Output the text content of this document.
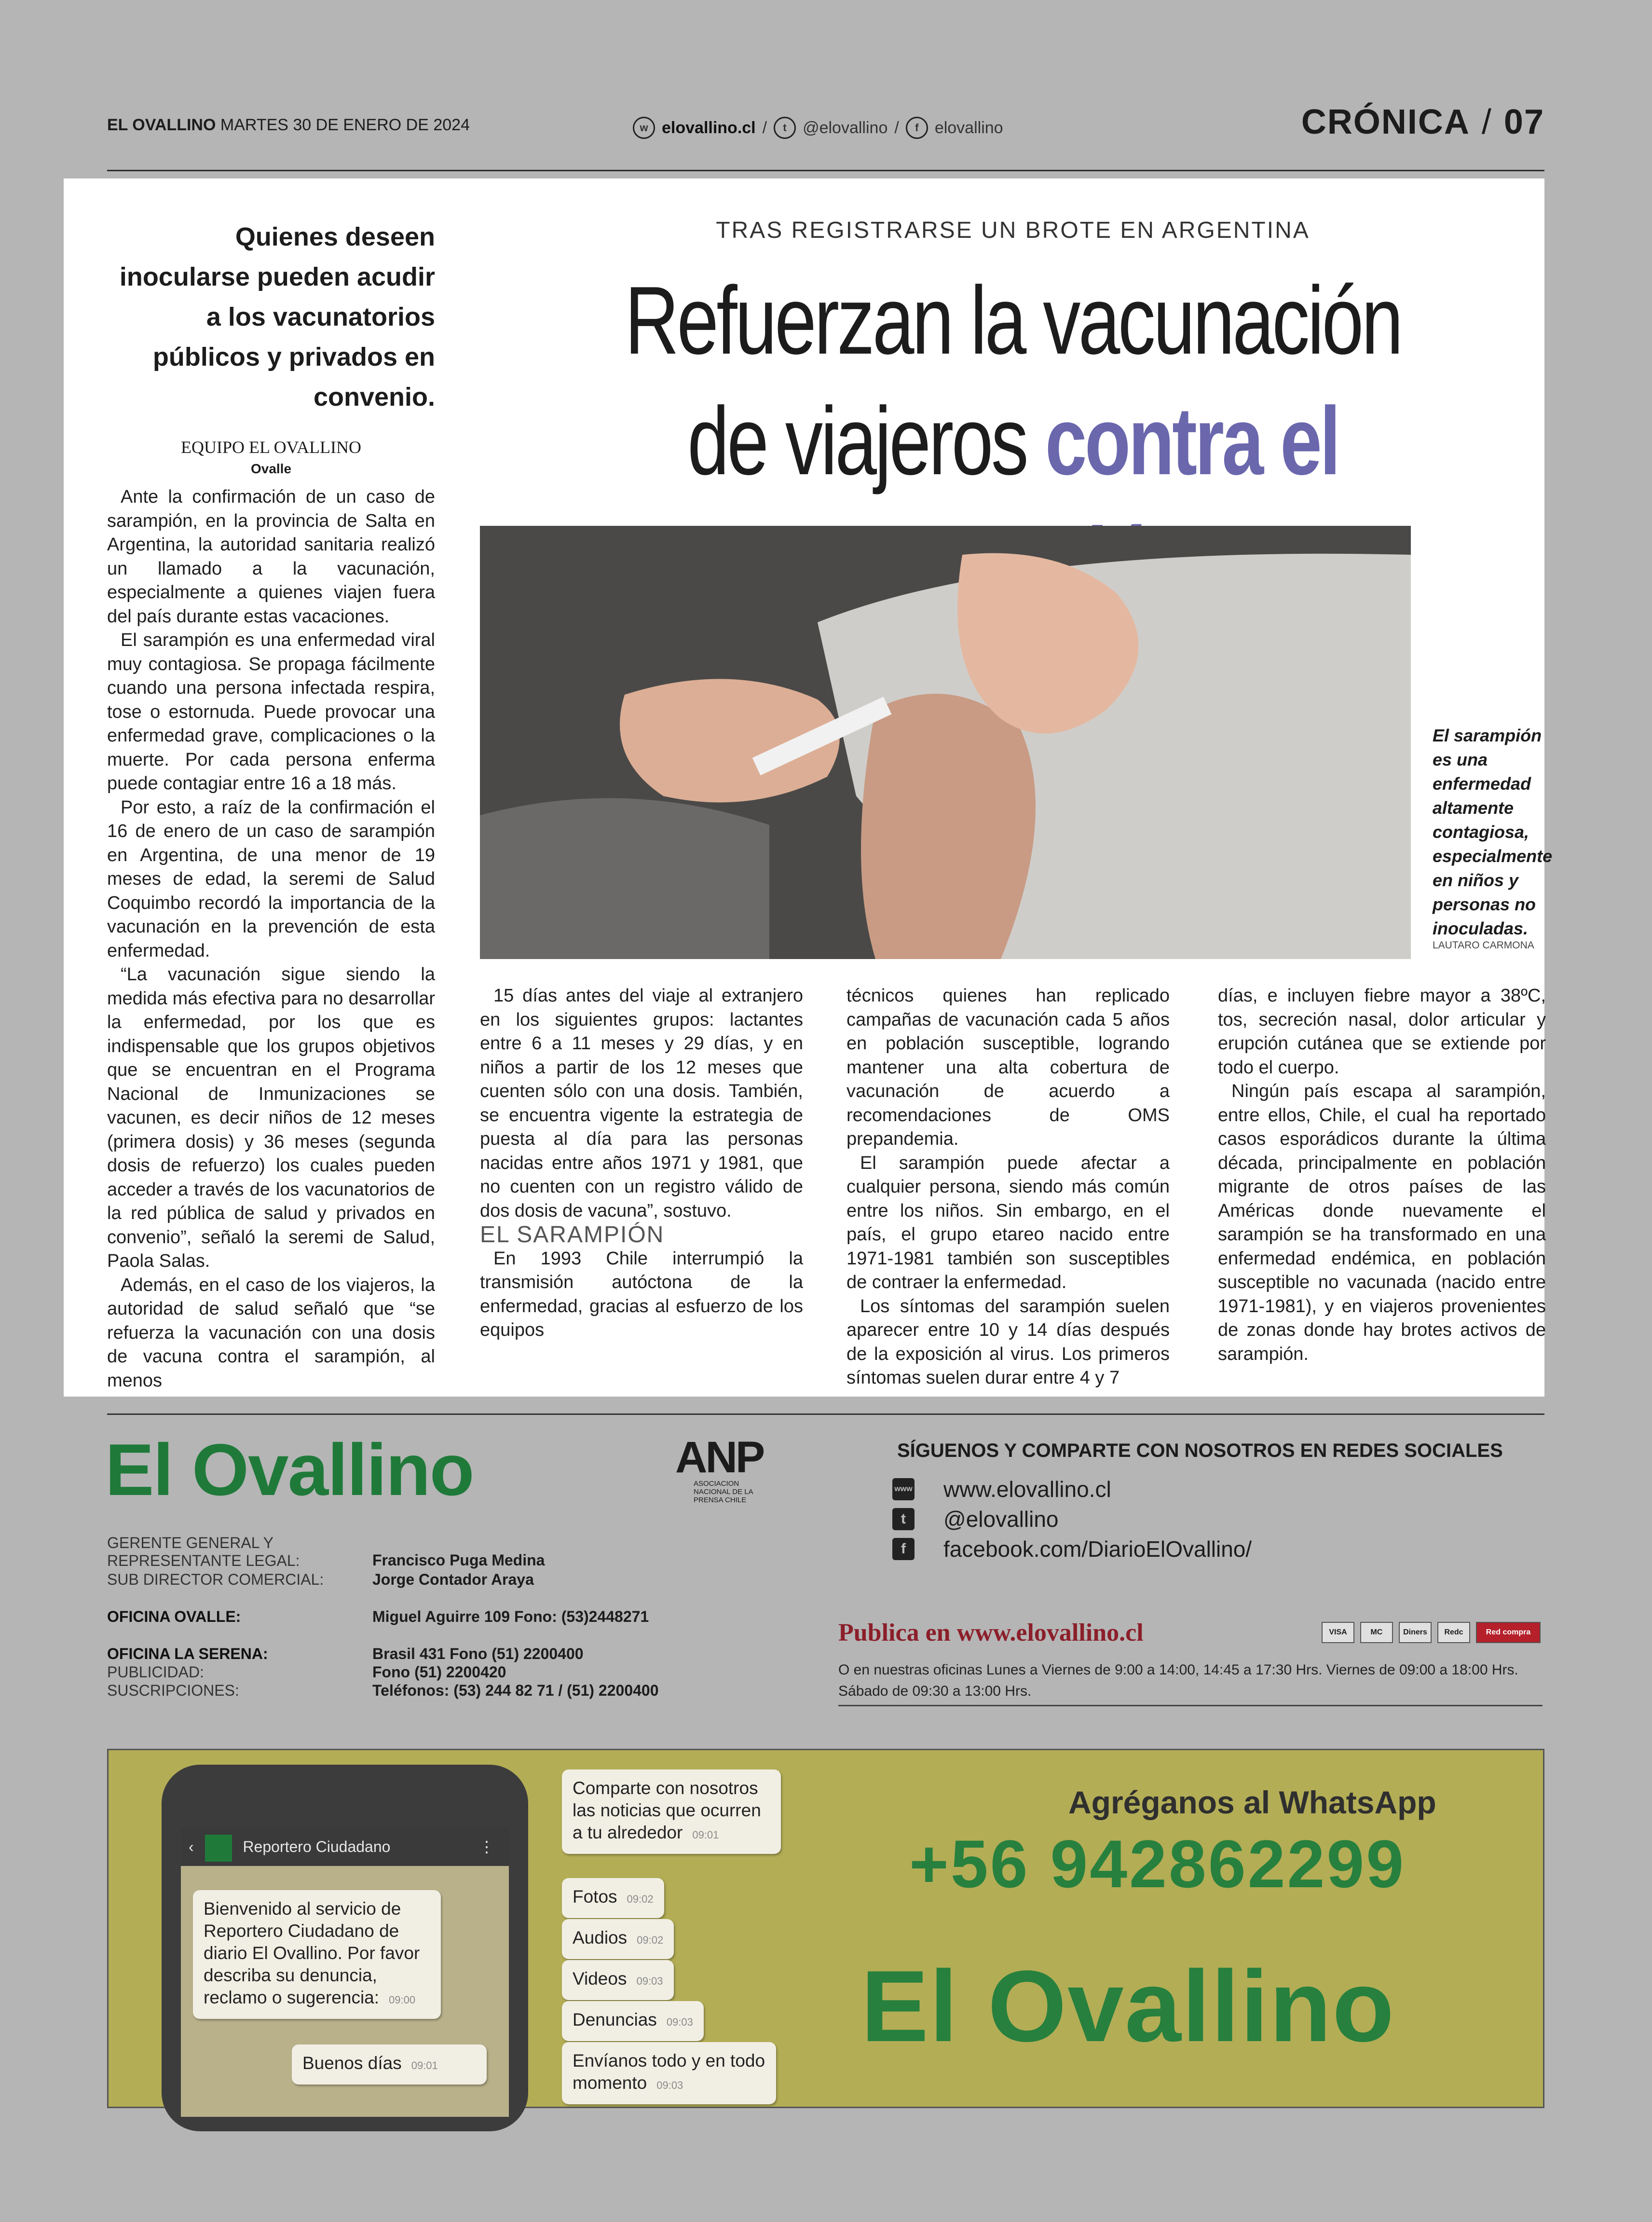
EL OVALLINO MARTES 30 DE ENERO DE 2024	w elovallino.cl /	t @elovallino /	f elovallino	CRÓNICA / 07
Quienes deseen inocularse pueden acudir a los vacunatorios públicos y privados en convenio.
TRAS REGISTRARSE UN BROTE EN ARGENTINA
Refuerzan la vacunación de viajeros contra el
EQUIPO EL OVALLINO
Ovalle

Ante la confirmación de un caso de sarampión, en la provincia de Salta en Argentina, la autoridad sanitaria realizó un llamado a la vacunación, especialmente a quienes viajen fuera del país durante estas vacaciones.

El sarampión es una enfermedad viral muy contagiosa. Se propaga fácilmente cuando una persona infectada respira, tose o estornuda. Puede provocar una enfermedad grave, complicaciones o la muerte. Por cada persona enferma puede contagiar entre 16 a 18 más.

Por esto, a raíz de la confirmación el 16 de enero de un caso de sarampión en Argentina, de una menor de 19 meses de edad, la seremi de Salud Coquimbo recordó la importancia de la vacunación en la prevención de esta enfermedad.

“La vacunación sigue siendo la medida más efectiva para no desarrollar la enfermedad, por los que es indispensable que los grupos objetivos que se encuentran en el Programa Nacional de Inmunizaciones se vacunen, es decir niños de 12 meses (primera dosis) y 36 meses (segunda dosis de refuerzo) los cuales pueden acceder a través de los vacunatorios de la red pública de salud y privados en convenio”, señaló la seremi de Salud, Paola Salas.

Además, en el caso de los viajeros, la autoridad de salud señaló que “se refuerza la vacunación con una dosis de vacuna contra el sarampión, al menos

El sarampión es una enfermedad altamente contagiosa, especialmente en niños y personas no inoculadas.
LAUTARO CARMONA

15 días antes del viaje al extranjero en los siguientes grupos: lactantes entre 6 a 11 meses y 29 días, y en niños a partir de los 12 meses que cuenten sólo con una dosis. También, se encuentra vigente la estrategia de puesta al día para las personas nacidas entre años 1971 y 1981, que no cuenten con un registro válido de dos dosis de vacuna”, sostuvo.

EL SARAMPIÓN

En 1993 Chile interrumpió la transmisión autóctona de la enfermedad, gracias al esfuerzo de los equipos

técnicos quienes han replicado campañas de vacunación cada 5 años en población susceptible, logrando mantener una alta cobertura de vacunación de acuerdo a recomendaciones de OMS prepandemia.

El sarampión puede afectar a cualquier persona, siendo más común entre los niños. Sin embargo, en el país, el grupo etareo nacido entre 1971-1981 también son susceptibles de contraer la enfermedad.

Los síntomas del sarampión suelen aparecer entre 10 y 14 días después de la exposición al virus. Los primeros síntomas suelen durar entre 4 y 7

días, e incluyen fiebre mayor a 38ºC, tos, secreción nasal, dolor articular y erupción cutánea que se extiende por todo el cuerpo.

Ningún país escapa al sarampión, entre ellos, Chile, el cual ha reportado casos esporádicos durante la última década, principalmente en población migrante de otros países de las Américas donde nuevamente el sarampión se ha transformado en una enfermedad endémica, en población susceptible no vacunada (nacido entre 1971-1981), y en viajeros provenientes de zonas donde hay brotes activos de sarampión.

El Ovallino	ANP
ASOCIACION NACIONAL DE LA PRENSA CHILE
SÍGUENOS Y COMPARTE CON NOSOTROS EN REDES SOCIALES
www www.elovallino.cl
t	@elovallino
f	facebook.com/DiarioElOvallino/
GERENTE GENERAL Y
REPRESENTANTE LEGAL:	Francisco Puga Medina
SUB DIRECTOR COMERCIAL:	Jorge Contador Araya
OFICINA OVALLE:	Miguel Aguirre 109 Fono: (53)2448271
OFICINA LA SERENA:	Brasil 431 Fono (51) 2200400
PUBLICIDAD:	Fono (51) 2200420
SUSCRIPCIONES:	Teléfonos: (53) 244 82 71 / (51) 2200400
Publica en www.elovallino.cl	VISA	MC	Diners	Redc	Red compra
O en nuestras oficinas Lunes a Viernes de 9:00 a 14:00, 14:45 a 17:30 Hrs. Viernes de 09:00 a 18:00 Hrs. Sábado de 09:30 a 13:00 Hrs.
‹	Reportero Ciudadano	⋮
Bienvenido al servicio de Reportero Ciudadano de diario El Ovallino. Por favor describa su denuncia, reclamo o sugerencia: 09:00
Buenos días 09:01
Comparte con nosotros las noticias que ocurren a tu alrededor 09:01
Fotos 09:02
Audios 09:02
Videos 09:03
Denuncias 09:03
Envíanos todo y en todo momento 09:03
Agréganos al WhatsApp
+56 942862299
El Ovallino
